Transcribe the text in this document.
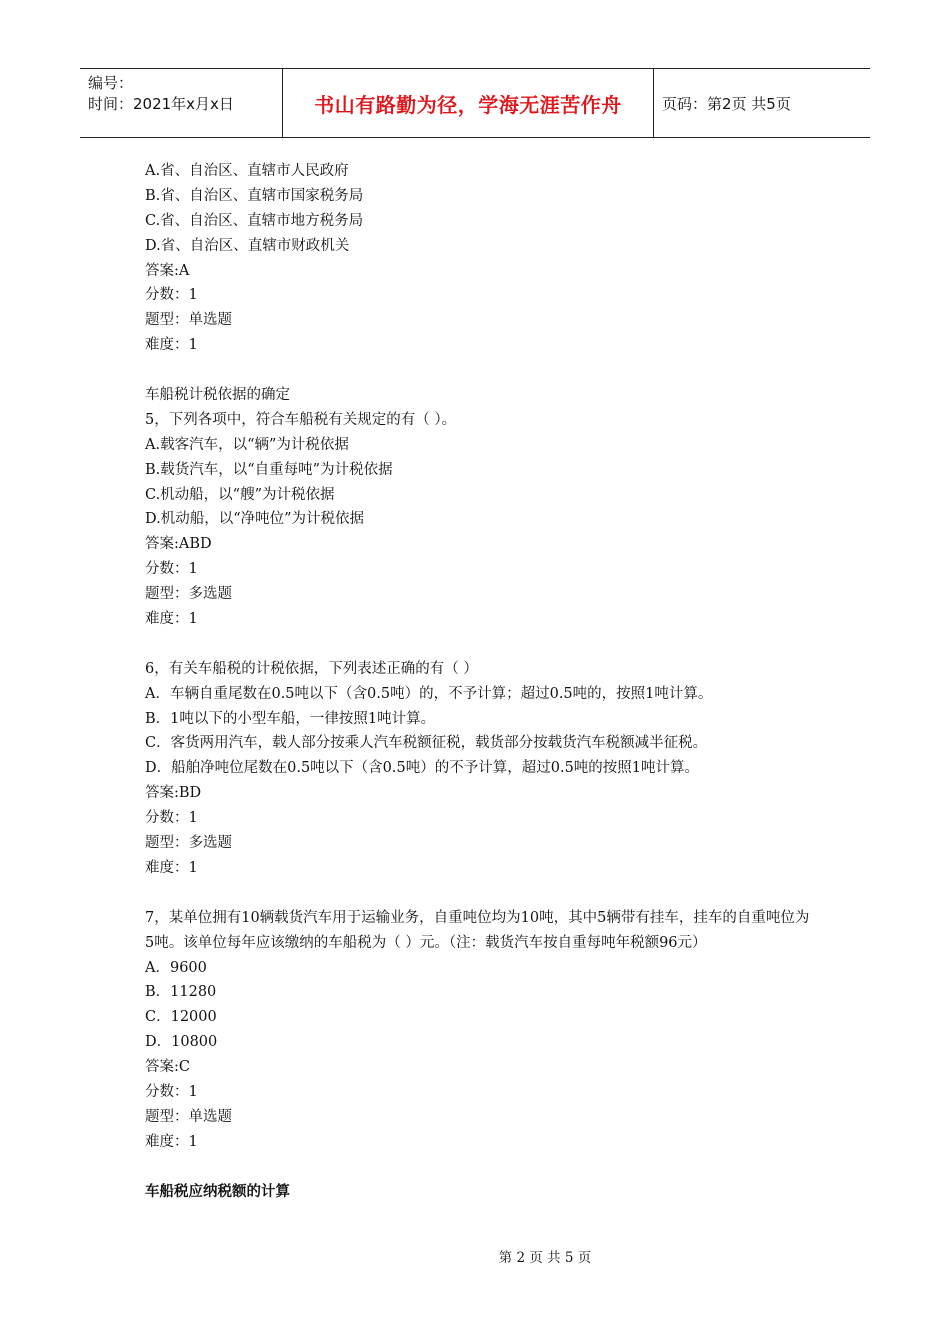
编号：
时间：2021年x月x日	书山有路勤为径，学海无涯苦作舟	页码：第2页 共5页
A.省、自治区、直辖市人民政府
B.省、自治区、直辖市国家税务局
C.省、自治区、直辖市地方税务局
D.省、自治区、直辖市财政机关
答案:A
分数：1
题型：单选题
难度：1
车船税计税依据的确定
5，下列各项中，符合车船税有关规定的有（ ）。
A.载客汽车，以“辆”为计税依据
B.载货汽车，以“自重每吨”为计税依据
C.机动船，以“艘”为计税依据
D.机动船，以“净吨位”为计税依据
答案:ABD
分数：1
题型：多选题
难度：1
6，有关车船税的计税依据，下列表述正确的有（ ）
A．车辆自重尾数在0.5吨以下（含0.5吨）的，不予计算；超过0.5吨的，按照1吨计算。
B．1吨以下的小型车船，一律按照1吨计算。
C．客货两用汽车，载人部分按乘人汽车税额征税，载货部分按载货汽车税额减半征税。
D．船舶净吨位尾数在0.5吨以下（含0.5吨）的不予计算，超过0.5吨的按照1吨计算。
答案:BD
分数：1
题型：多选题
难度：1
7，某单位拥有10辆载货汽车用于运输业务，自重吨位均为10吨，其中5辆带有挂车，挂车的自重吨位为5吨。该单位每年应该缴纳的车船税为（ ）元。（注：载货汽车按自重每吨年税额96元）
A．9600
B．11280
C．12000
D．10800
答案:C
分数：1
题型：单选题
难度：1
车船税应纳税额的计算
第 2 页 共 5 页
